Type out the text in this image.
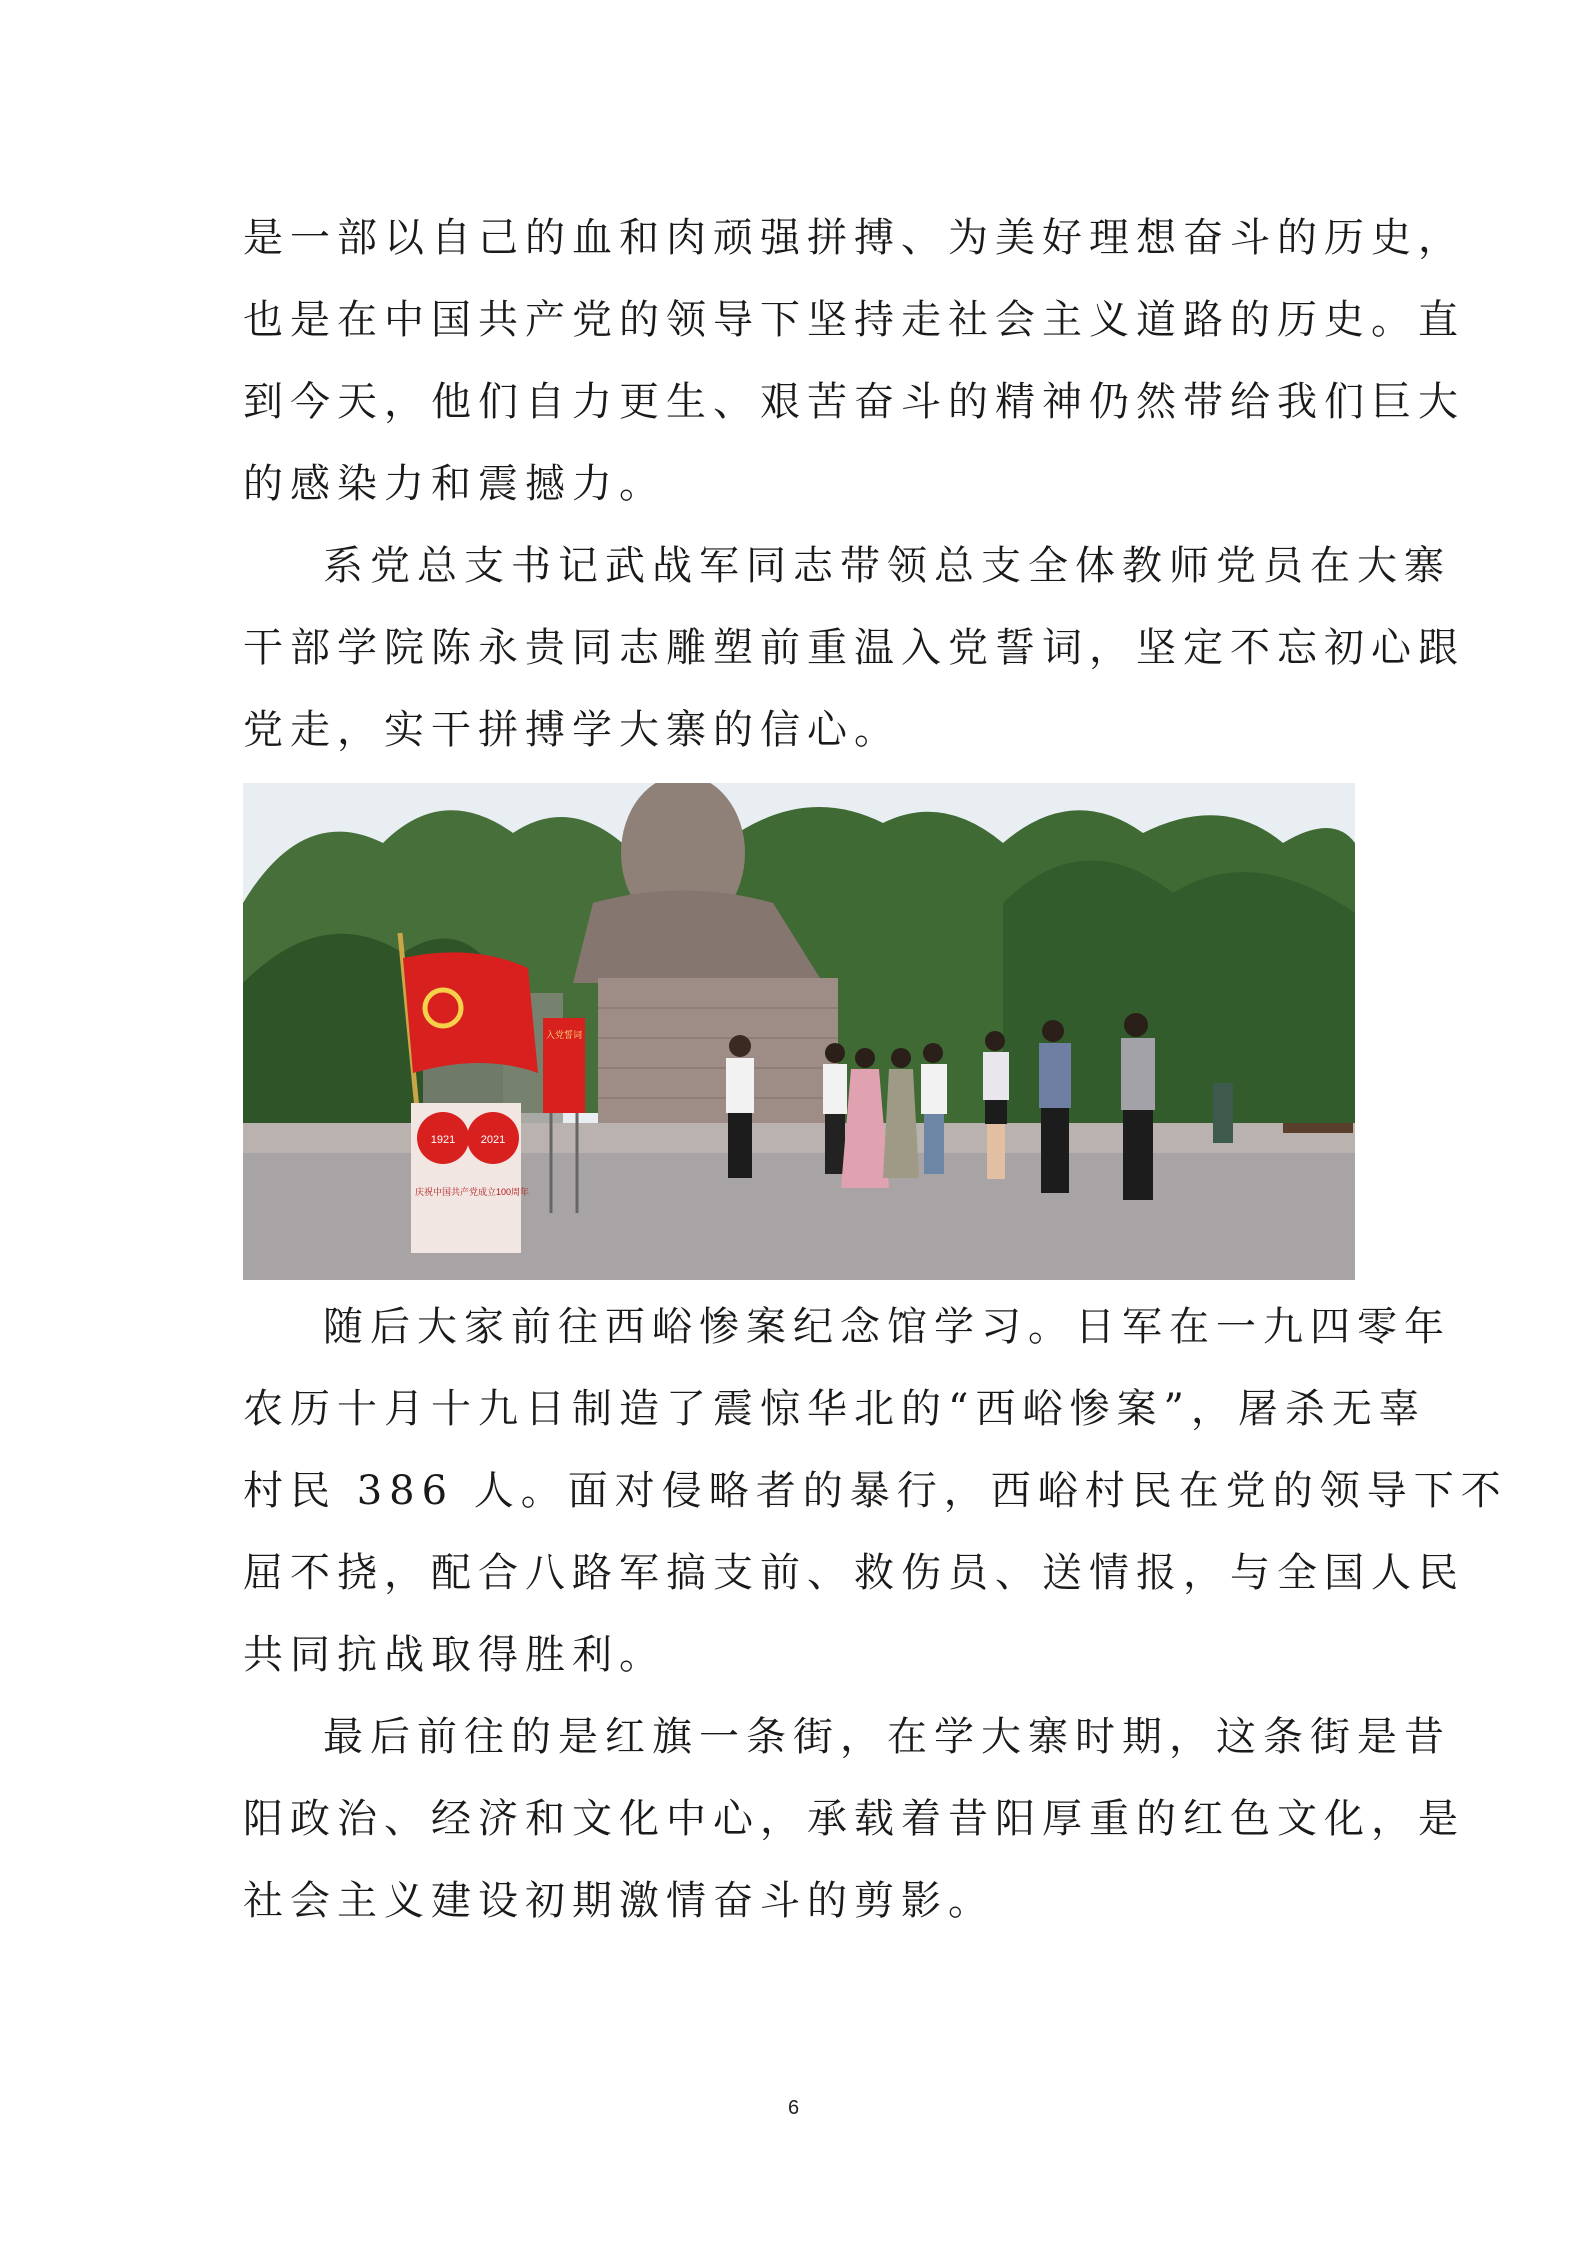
是一部以自己的血和肉顽强拼搏、为美好理想奋斗的历史，
也是在中国共产党的领导下坚持走社会主义道路的历史。直
到今天，他们自力更生、艰苦奋斗的精神仍然带给我们巨大
的感染力和震撼力。
系党总支书记武战军同志带领总支全体教师党员在大寨
干部学院陈永贵同志雕塑前重温入党誓词，坚定不忘初心跟
党走，实干拼搏学大寨的信心。
1921 2021
庆祝中国共产党成立100周年
入党誓词
随后大家前往西峪惨案纪念馆学习。日军在一九四零年
农历十月十九日制造了震惊华北的“西峪惨案”，屠杀无辜
村民 386 人。面对侵略者的暴行，西峪村民在党的领导下不
屈不挠，配合八路军搞支前、救伤员、送情报，与全国人民
共同抗战取得胜利。
最后前往的是红旗一条街，在学大寨时期，这条街是昔
阳政治、经济和文化中心，承载着昔阳厚重的红色文化，是
社会主义建设初期激情奋斗的剪影。
6
